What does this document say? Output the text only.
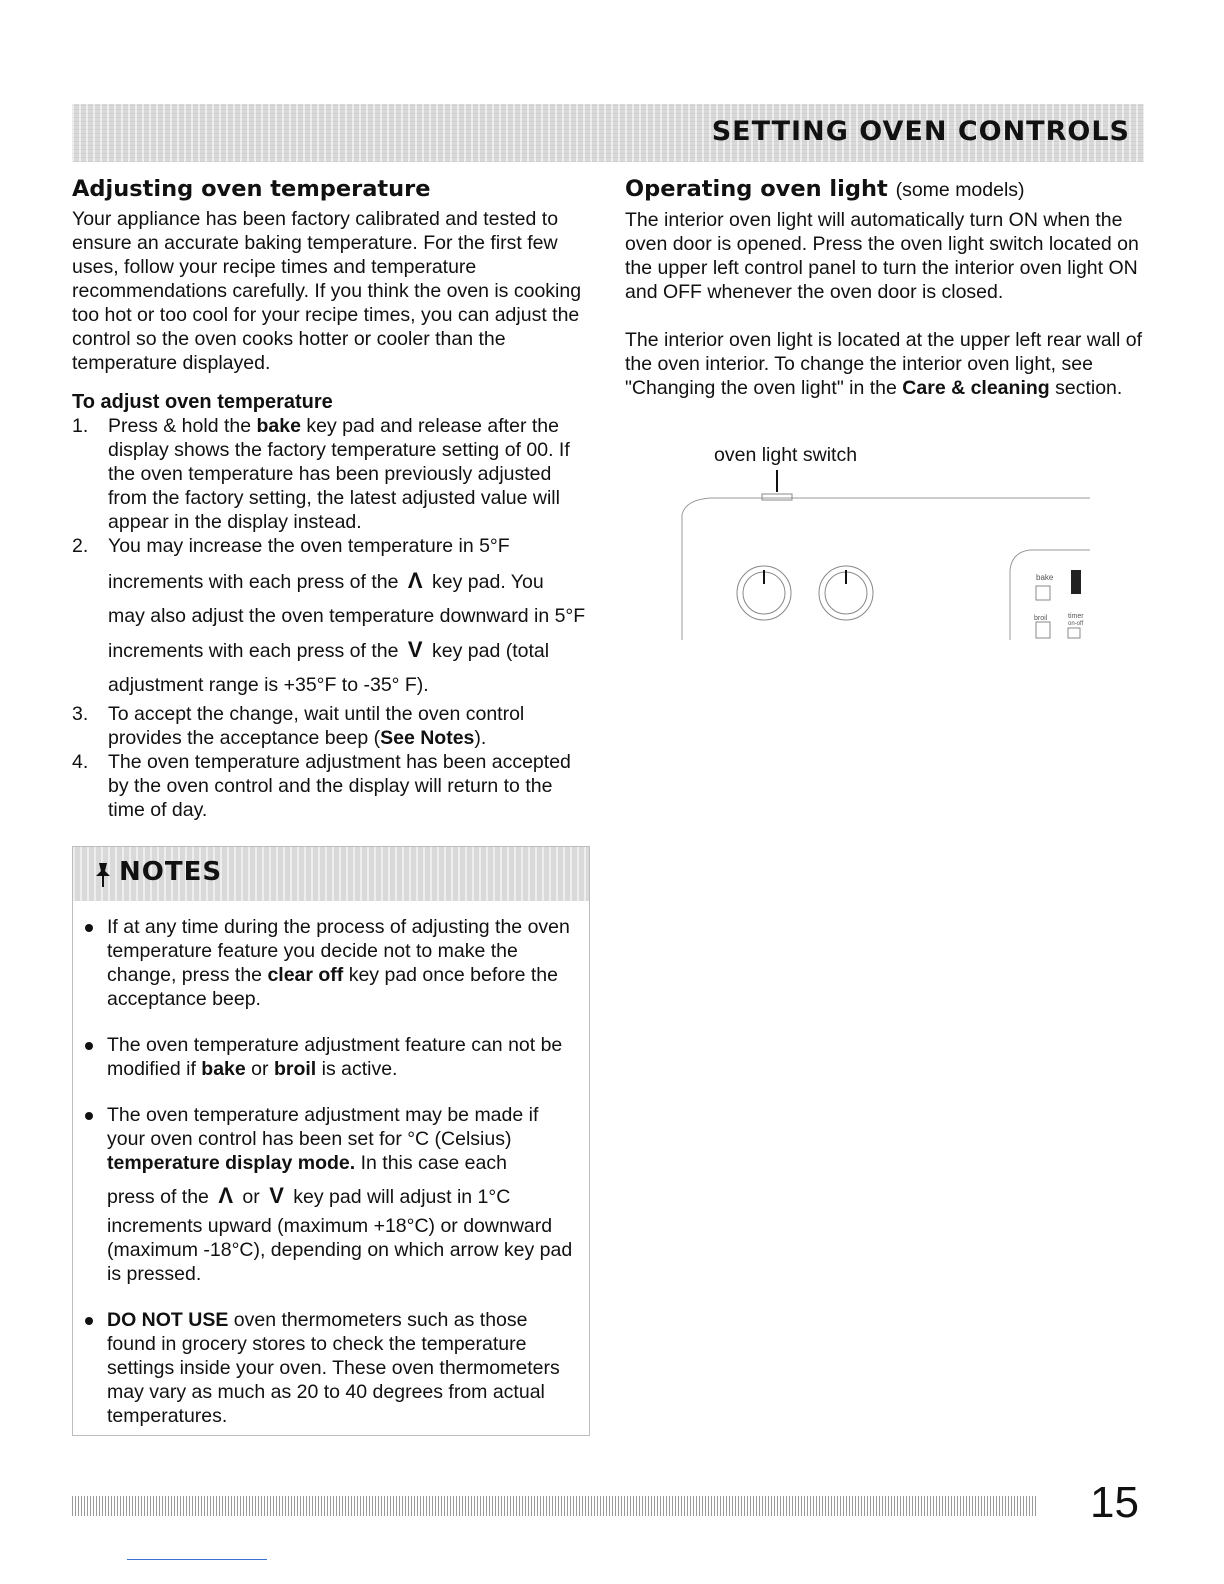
SETTING OVEN CONTROLS
Adjusting oven temperature

Your appliance has been factory calibrated and tested to ensure an accurate baking temperature. For the first few uses, follow your recipe times and temperature recommendations carefully. If you think the oven is cooking too hot or too cool for your recipe times, you can adjust the control so the oven cooks hotter or cooler than the temperature displayed.

To adjust oven temperature
1. Press & hold the bake key pad and release after the display shows the factory temperature setting of 00. If the oven temperature has been previously adjusted from the factory setting, the latest adjusted value will appear in the display instead.
2. You may increase the oven temperature in 5°F
increments with each press of the Λ key pad. You
may also adjust the oven temperature downward in 5°F
increments with each press of the V key pad (total
adjustment range is +35°F to -35° F).
3. To accept the change, wait until the oven control provides the acceptance beep (See Notes).
4. The oven temperature adjustment has been accepted by the oven control and the display will return to the time of day.
NOTES
If at any time during the process of adjusting the oven temperature feature you decide not to make the change, press the clear off key pad once before the acceptance beep.
The oven temperature adjustment feature can not be modified if bake or broil is active.
The oven temperature adjustment may be made if your oven control has been set for °C (Celsius) temperature display mode. In this case each
press of the Λ or V key pad will adjust in 1°C
increments upward (maximum +18°C) or downward (maximum -18°C), depending on which arrow key pad is pressed.
DO NOT USE oven thermometers such as those found in grocery stores to check the temperature settings inside your oven. These oven thermometers may vary as much as 20 to 40 degrees from actual temperatures.
Operating oven light (some models)

The interior oven light will automatically turn ON when the oven door is opened. Press the oven light switch located on the upper left control panel to turn the interior oven light ON and OFF whenever the oven door is closed.

The interior oven light is located at the upper left rear wall of the oven interior. To change the interior oven light, see "Changing the oven light" in the Care & cleaning section.

oven light switch
bake
broil	timer
on-off
15
